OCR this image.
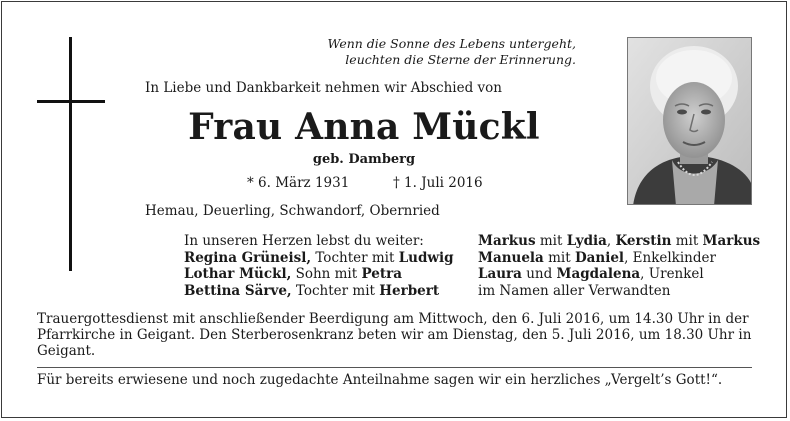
Wenn die Sonne des Lebens untergeht,
leuchten die Sterne der Erinnerung.
In Liebe und Dankbarkeit nehmen wir Abschied von
Frau Anna Mückl
geb. Damberg
* 6. März 1931	† 1. Juli 2016
Hemau, Deuerling, Schwandorf, Obernried
In unseren Herzen lebst du weiter:
Regina Grüneisl, Tochter mit Ludwig
Lothar Mückl, Sohn mit Petra
Bettina Särve, Tochter mit Herbert
Markus mit Lydia, Kerstin mit Markus
Manuela mit Daniel, Enkelkinder
Laura und Magdalena, Urenkel
im Namen aller Verwandten
Trauergottesdienst mit anschließender Beerdigung am Mittwoch, den 6. Juli 2016, um 14.30 Uhr in der Pfarrkirche in Geigant. Den Sterberosenkranz beten wir am Dienstag, den 5. Juli 2016, um 18.30 Uhr in Geigant.
Für bereits erwiesene und noch zugedachte Anteilnahme sagen wir ein herzliches „Vergelt’s Gott!“.
